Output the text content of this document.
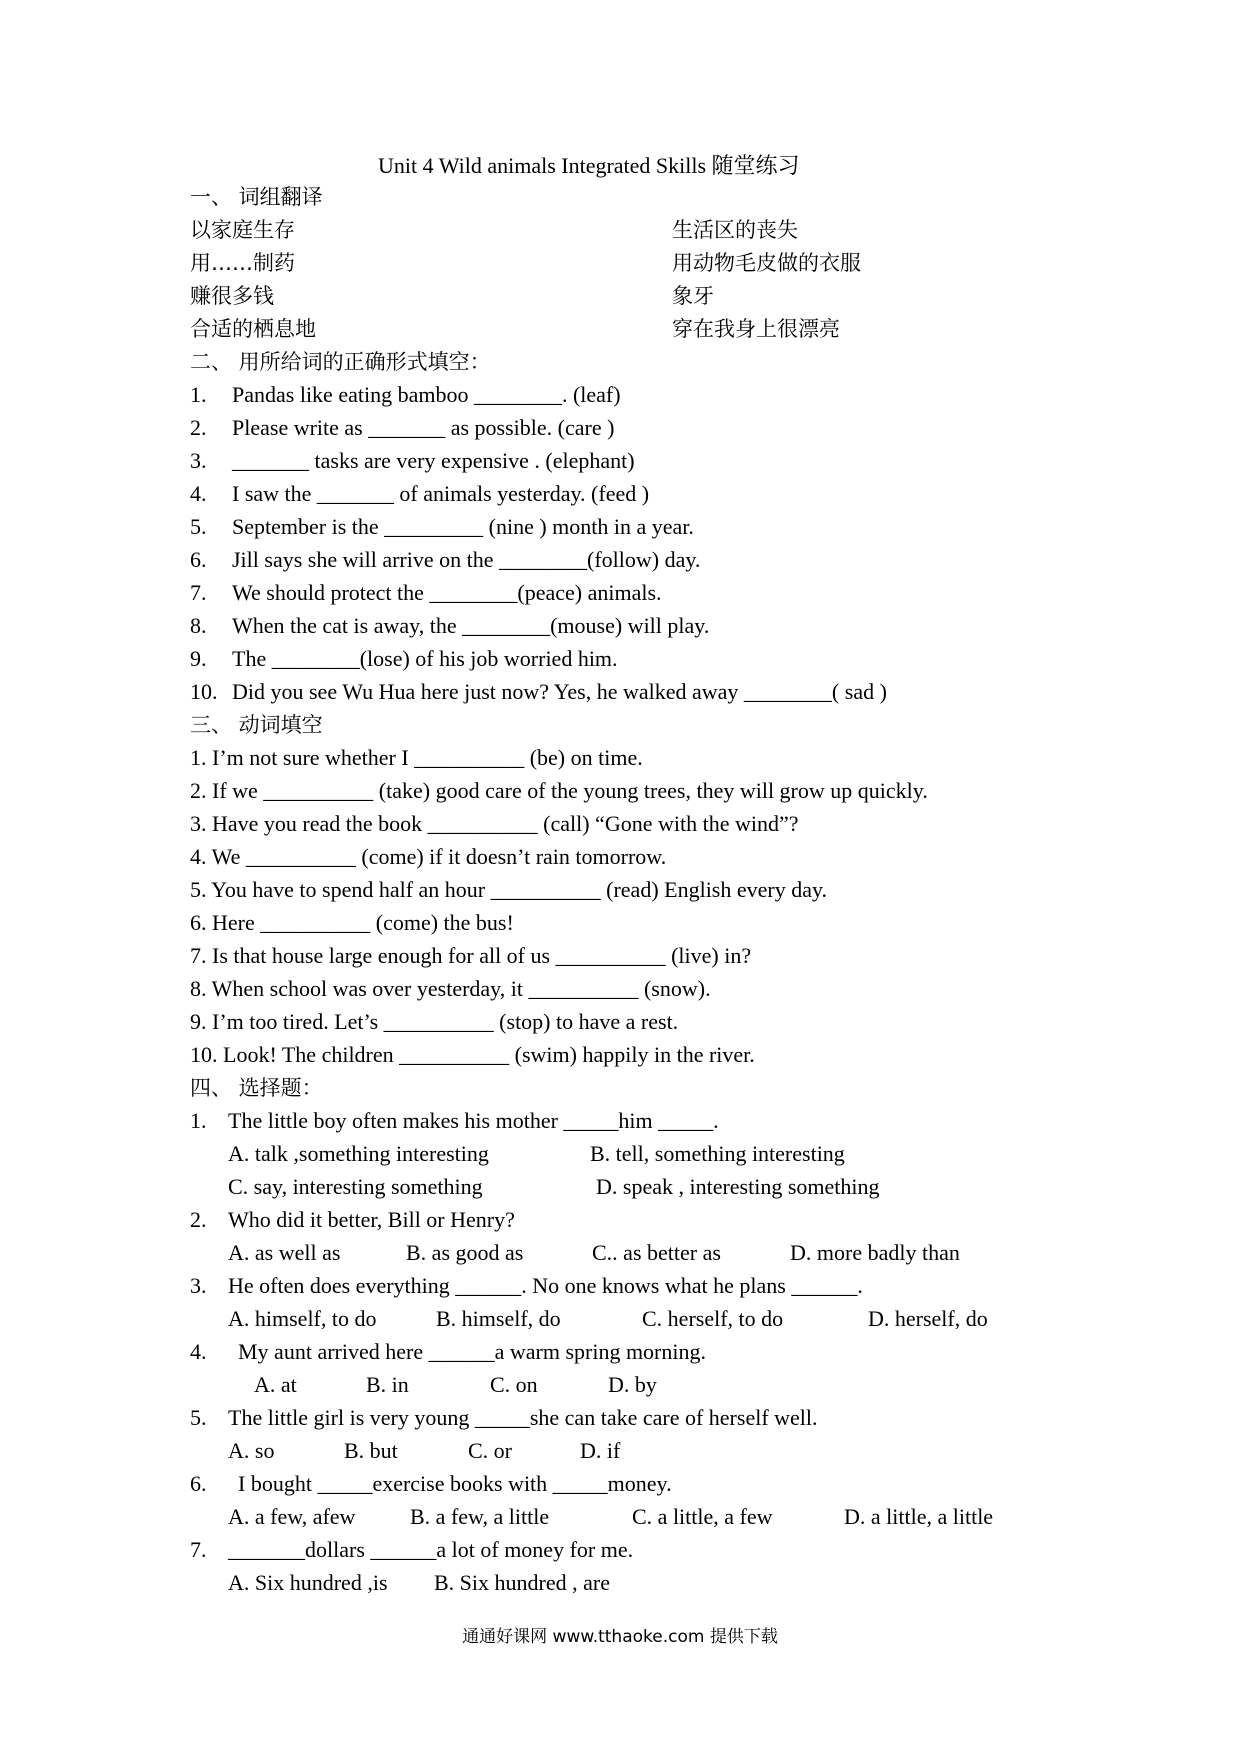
Unit 4 Wild animals Integrated Skills 随堂练习
一、 词组翻译
以家庭生存	生活区的丧失
用……制药	用动物毛皮做的衣服
赚很多钱	象牙
合适的栖息地	穿在我身上很漂亮
二、 用所给词的正确形式填空：
1. Pandas like eating bamboo ________. (leaf)
2. Please write as _______ as possible. (care )
3. _______ tasks are very expensive . (elephant)
4. I saw the _______ of animals yesterday. (feed )
5. September is the _________ (nine ) month in a year.
6. Jill says she will arrive on the ________(follow) day.
7. We should protect the ________(peace) animals.
8. When the cat is away, the ________(mouse) will play.
9. The ________(lose) of his job worried him.
10. Did you see Wu Hua here just now? Yes, he walked away ________( sad )
三、 动词填空
1. I’m not sure whether I __________ (be) on time.
2. If we __________ (take) good care of the young trees, they will grow up quickly.
3. Have you read the book __________ (call) “Gone with the wind”?
4. We __________ (come) if it doesn’t rain tomorrow.
5. You have to spend half an hour __________ (read) English every day.
6. Here __________ (come) the bus!
7. Is that house large enough for all of us __________ (live) in?
8. When school was over yesterday, it __________ (snow).
9. I’m too tired. Let’s __________ (stop) to have a rest.
10. Look! The children __________ (swim) happily in the river.
四、 选择题：
1. The little boy often makes his mother _____him _____.
A. talk ,something interesting	B. tell, something interesting
C. say, interesting something	D. speak , interesting something
2. Who did it better, Bill or Henry?
A. as well as	B. as good as	C.. as better as	D. more badly than
3. He often does everything ______. No one knows what he plans ______.
A. himself, to do	B. himself, do	C. herself, to do	D. herself, do
4. My aunt arrived here ______a warm spring morning.
A. at	B. in	C. on	D. by
5. The little girl is very young _____she can take care of herself well.
A. so	B. but	C. or	D. if
6. I bought _____exercise books with _____money.
A. a few, afew B. a few, a little	C. a little, a few	D. a little, a little
7. _______dollars ______a lot of money for me.
A. Six hundred ,is B. Six hundred , are
通通好课网 www.tthaoke.com 提供下载
